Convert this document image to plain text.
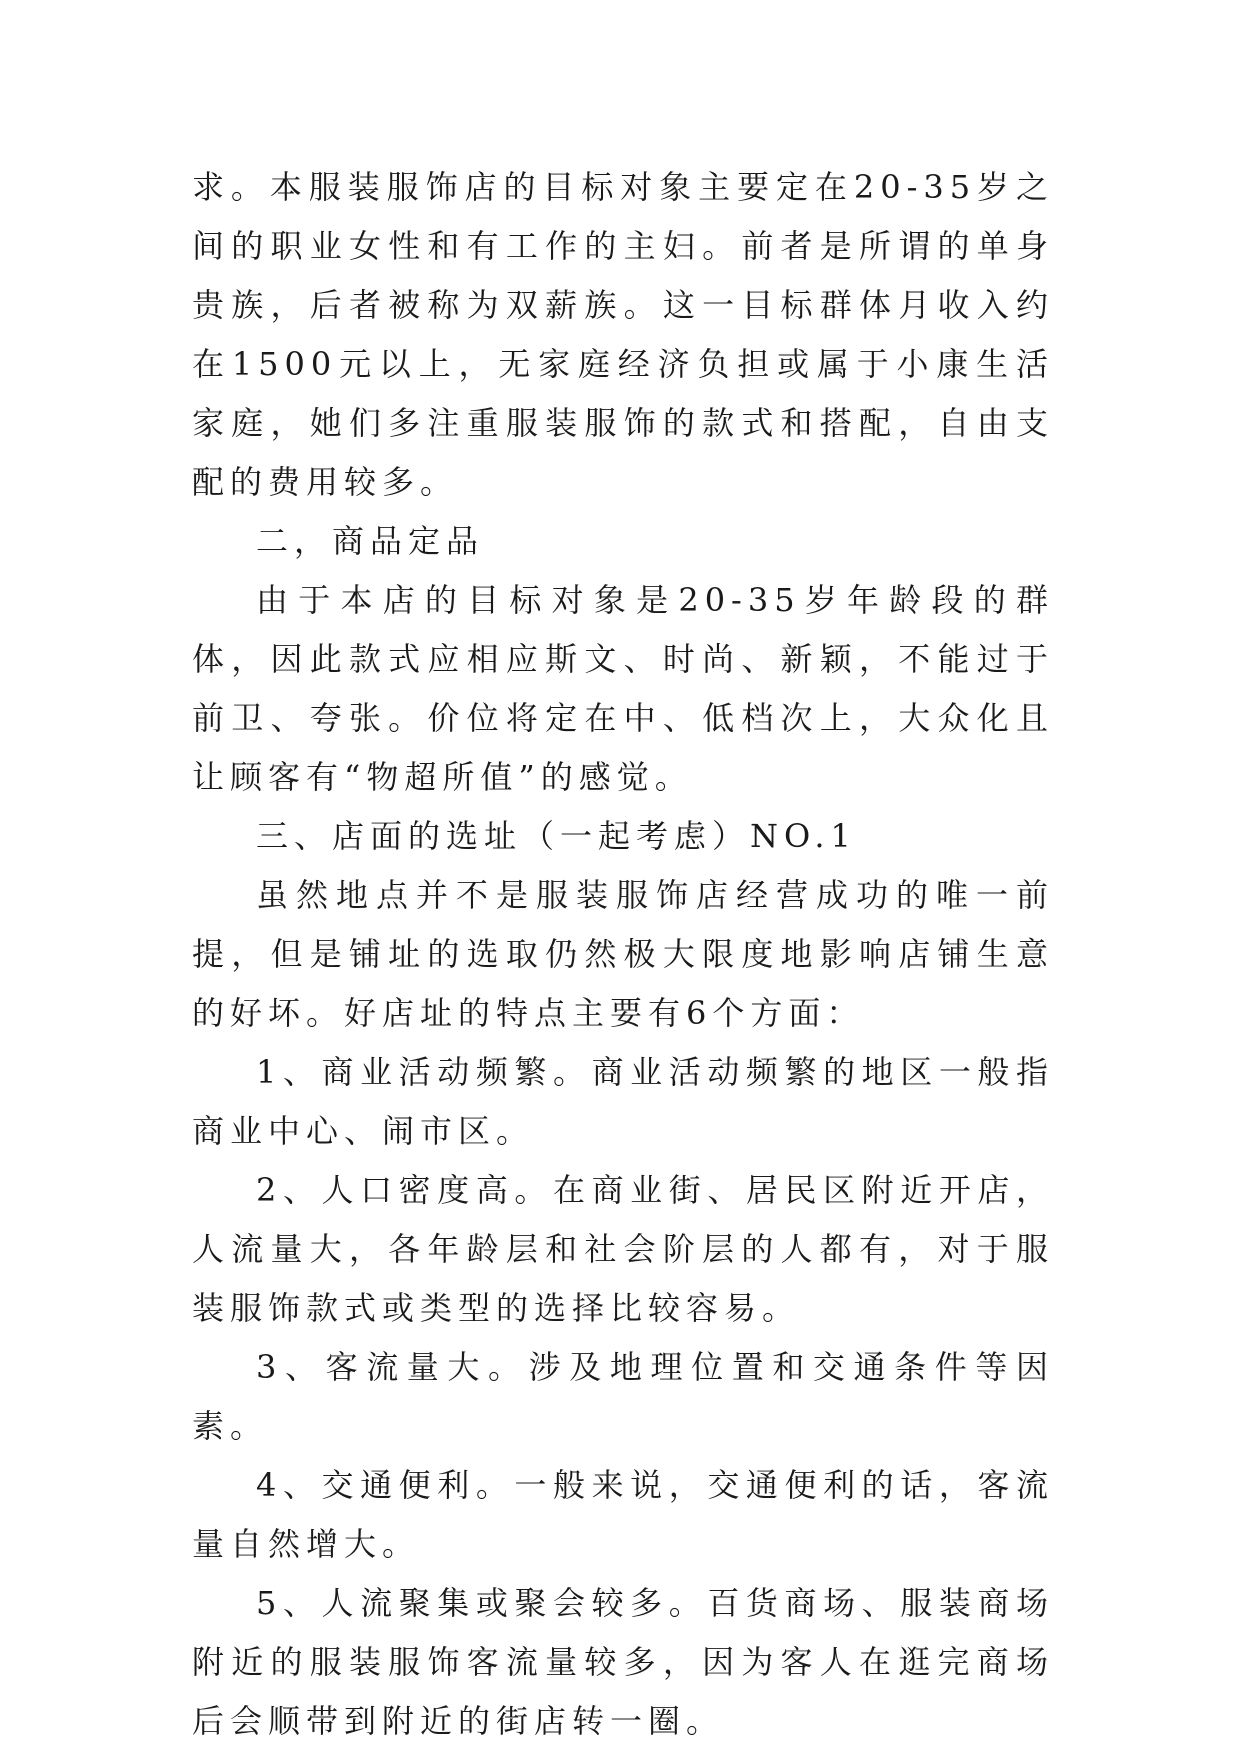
求。本服装服饰店的目标对象主要定在20-35岁之间的职业女性和有工作的主妇。前者是所谓的单身贵族，后者被称为双薪族。这一目标群体月收入约在1500元以上，无家庭经济负担或属于小康生活家庭，她们多注重服装服饰的款式和搭配，自由支配的费用较多。

二，商品定品

由于本店的目标对象是20-35岁年龄段的群体，因此款式应相应斯文、时尚、新颖，不能过于前卫、夸张。价位将定在中、低档次上，大众化且让顾客有“物超所值”的感觉。

三、店面的选址（一起考虑）NO.1

虽然地点并不是服装服饰店经营成功的唯一前提，但是铺址的选取仍然极大限度地影响店铺生意的好坏。好店址的特点主要有6个方面：

1、商业活动频繁。商业活动频繁的地区一般指商业中心、闹市区。

2、人口密度高。在商业街、居民区附近开店，人流量大，各年龄层和社会阶层的人都有，对于服装服饰款式或类型的选择比较容易。

3、客流量大。涉及地理位置和交通条件等因素。

4、交通便利。一般来说，交通便利的话，客流量自然增大。

5、人流聚集或聚会较多。百货商场、服装商场附近的服装服饰客流量较多，因为客人在逛完商场后会顺带到附近的街店转一圈。
